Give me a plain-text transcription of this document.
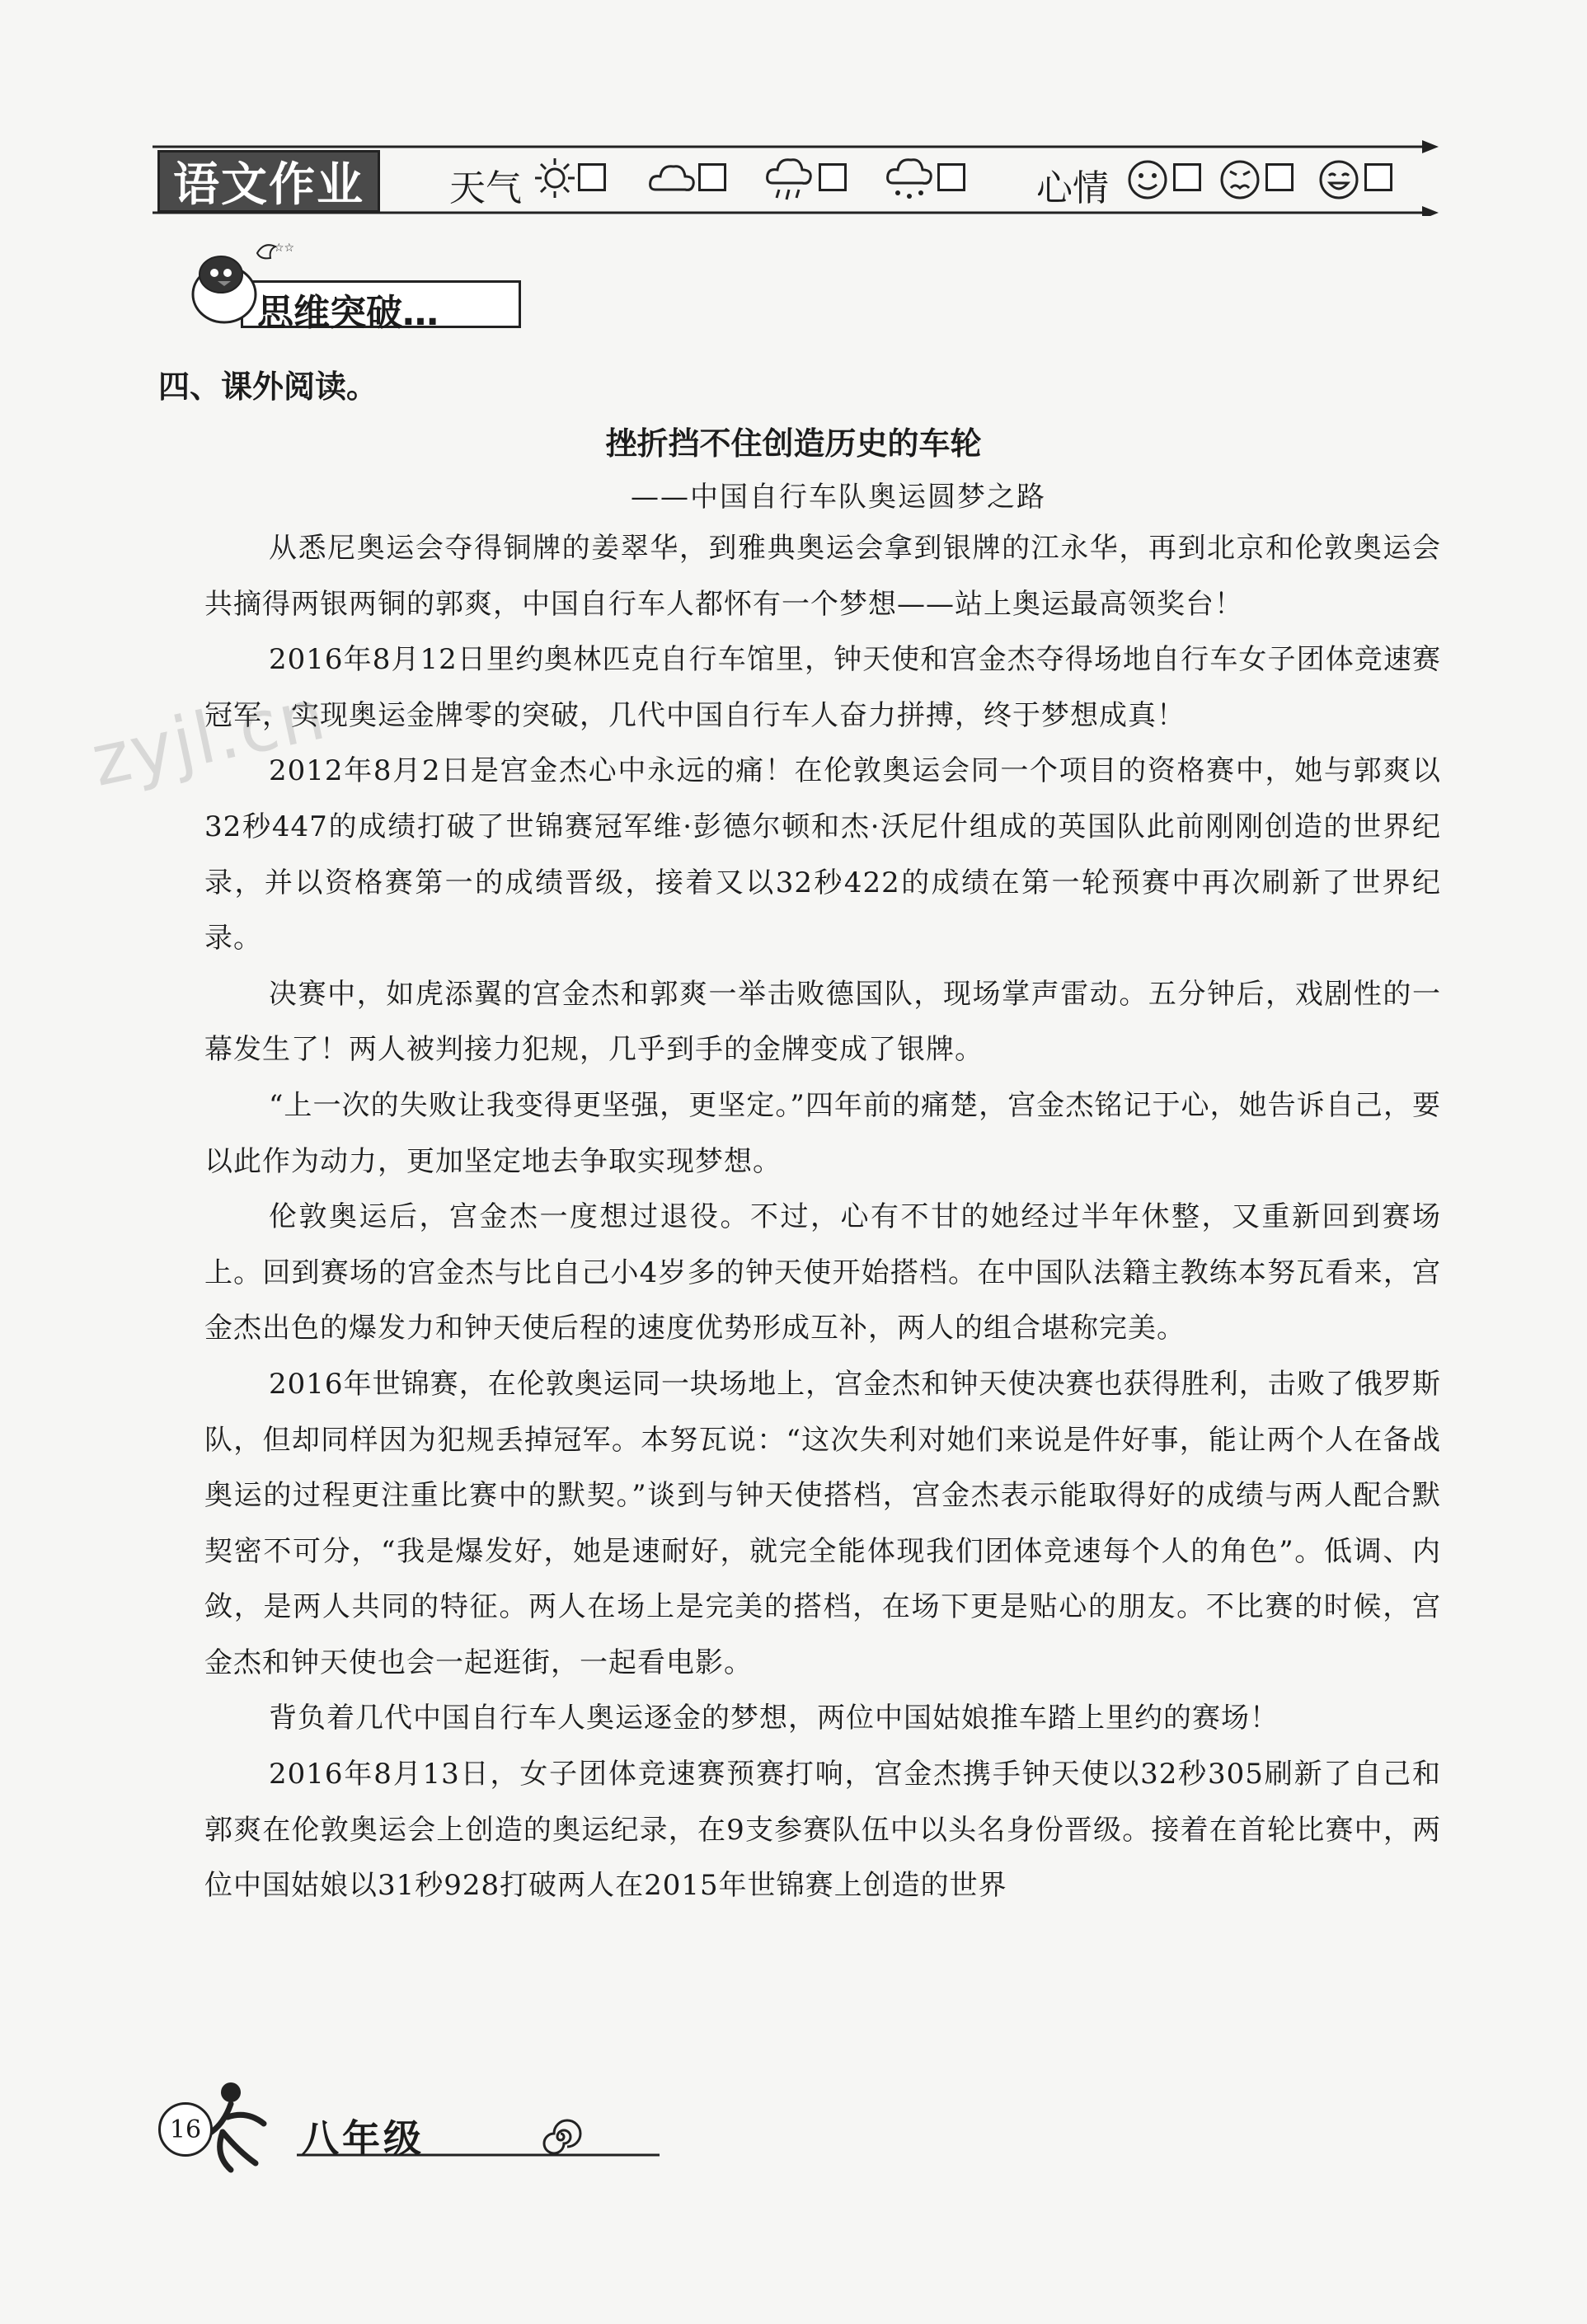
语文作业	天气	心情
☆☆
思维突破…
四、课外阅读。
挫折挡不住创造历史的车轮
——中国自行车队奥运圆梦之路
zyjl.cn

从悉尼奥运会夺得铜牌的姜翠华，到雅典奥运会拿到银牌的江永华，再到北京和伦敦奥运会共摘得两银两铜的郭爽，中国自行车人都怀有一个梦想——站上奥运最高领奖台！

2016年8月12日里约奥林匹克自行车馆里，钟天使和宫金杰夺得场地自行车女子团体竞速赛冠军，实现奥运金牌零的突破，几代中国自行车人奋力拼搏，终于梦想成真！

2012年8月2日是宫金杰心中永远的痛！在伦敦奥运会同一个项目的资格赛中，她与郭爽以32秒447的成绩打破了世锦赛冠军维·彭德尔顿和杰·沃尼什组成的英国队此前刚刚创造的世界纪录，并以资格赛第一的成绩晋级，接着又以32秒422的成绩在第一轮预赛中再次刷新了世界纪录。

决赛中，如虎添翼的宫金杰和郭爽一举击败德国队，现场掌声雷动。五分钟后，戏剧性的一幕发生了！两人被判接力犯规，几乎到手的金牌变成了银牌。

“上一次的失败让我变得更坚强，更坚定。”四年前的痛楚，宫金杰铭记于心，她告诉自己，要以此作为动力，更加坚定地去争取实现梦想。

伦敦奥运后，宫金杰一度想过退役。不过，心有不甘的她经过半年休整，又重新回到赛场上。回到赛场的宫金杰与比自己小4岁多的钟天使开始搭档。在中国队法籍主教练本努瓦看来，宫金杰出色的爆发力和钟天使后程的速度优势形成互补，两人的组合堪称完美。

2016年世锦赛，在伦敦奥运同一块场地上，宫金杰和钟天使决赛也获得胜利，击败了俄罗斯队，但却同样因为犯规丢掉冠军。本努瓦说：“这次失利对她们来说是件好事，能让两个人在备战奥运的过程更注重比赛中的默契。”谈到与钟天使搭档，宫金杰表示能取得好的成绩与两人配合默契密不可分，“我是爆发好，她是速耐好，就完全能体现我们团体竞速每个人的角色”。低调、内敛，是两人共同的特征。两人在场上是完美的搭档，在场下更是贴心的朋友。不比赛的时候，宫金杰和钟天使也会一起逛街，一起看电影。

背负着几代中国自行车人奥运逐金的梦想，两位中国姑娘推车踏上里约的赛场！

2016年8月13日，女子团体竞速赛预赛打响，宫金杰携手钟天使以32秒305刷新了自己和郭爽在伦敦奥运会上创造的奥运纪录，在9支参赛队伍中以头名身份晋级。接着在首轮比赛中，两位中国姑娘以31秒928打破两人在2015年世锦赛上创造的世界

16	八年级
